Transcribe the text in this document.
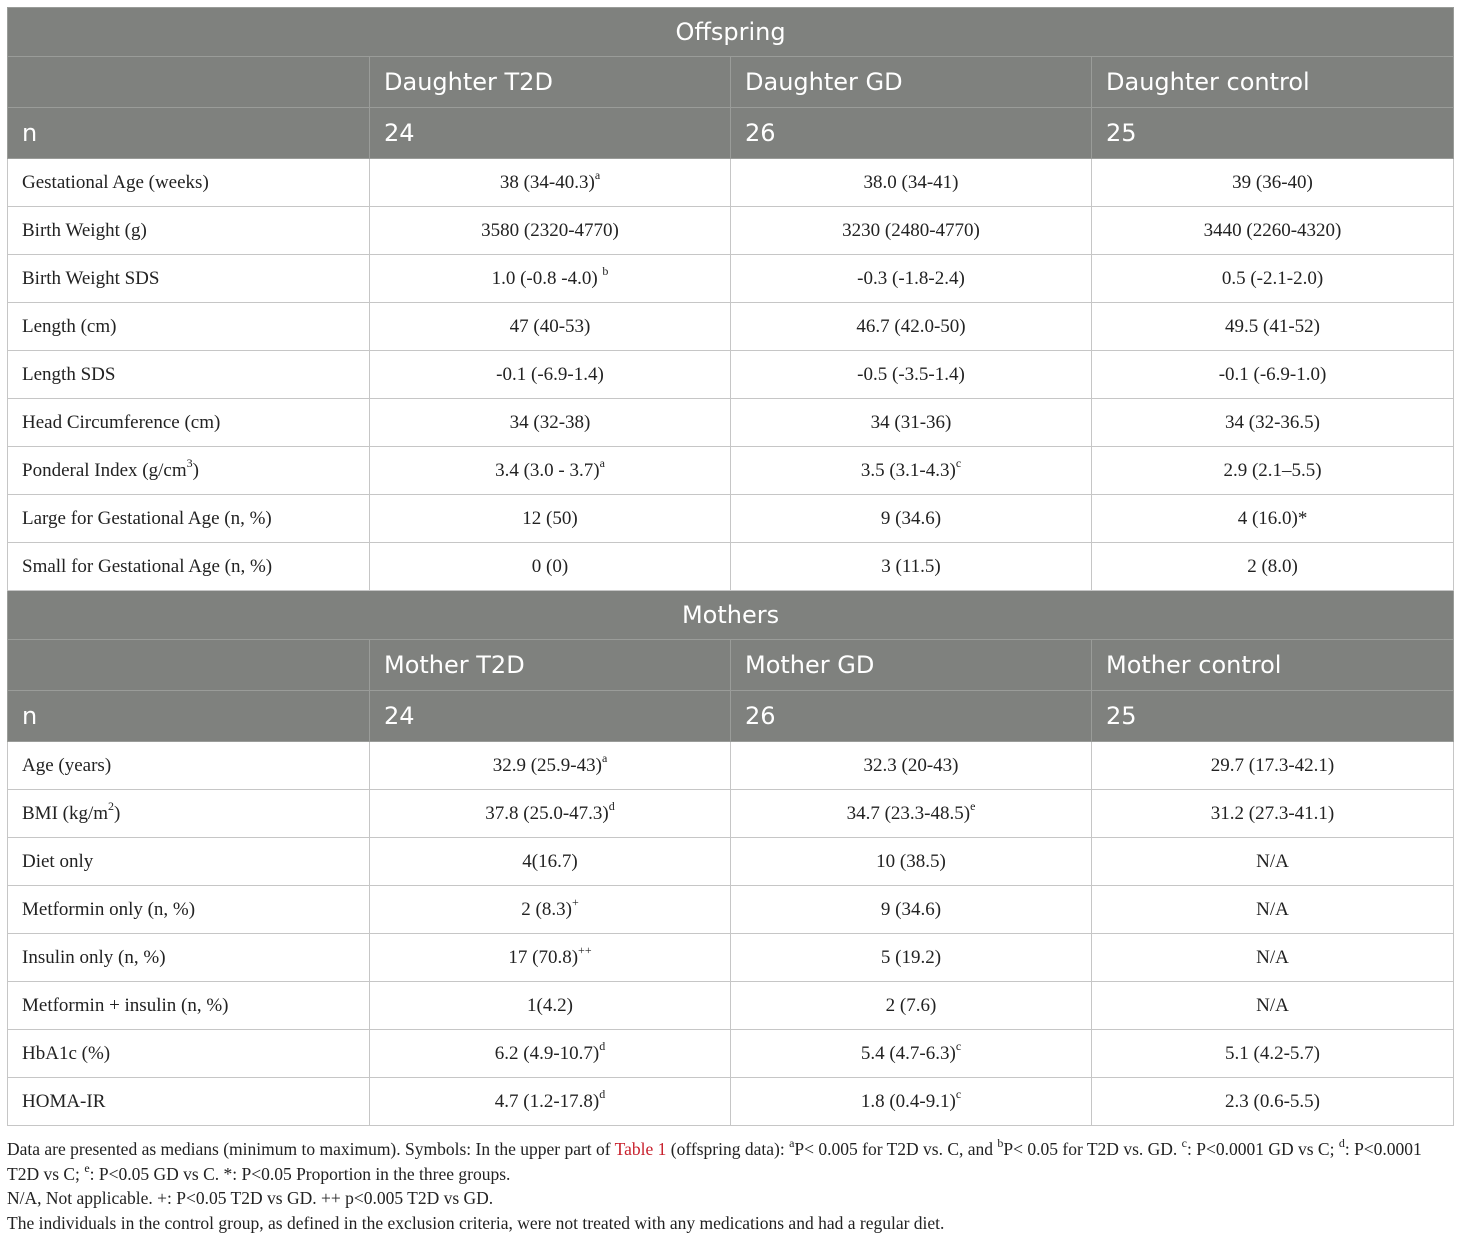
Offspring			
	Daughter T2D	Daughter GD	Daughter control
n	24	26	25
Gestational Age (weeks)	38 $(34-40.3)^a$	38.0 (34-41)	39 (36-40)
Birth Weight (g)	3580 (2320-4770)	3230 (2480-4770)	3440 (2260-4320)
Birth Weight SDS	1.0 (-0.8 -4.0) $^b$	-0.3 (-1.8-2.4)	0.5 (-2.1-2.0)
Length (cm)	47 (40-53)	46.7 (42.0-50)	49.5 (41-52)
Length SDS	-0.1 (-6.9-1.4)	-0.5 (-3.5-1.4)	-0.1 (-6.9-1.0)
Head Circumference (cm)	34 (32-38)	34 (31-36)	34 (32-36.5)
Ponderal Index $(g/cm^3)$	3.4 (3.0 - 3.7)$^a$	3.5 $(3.1-4.3)^c$	2.9 (2.1–5.5)
Large for Gestational Age (n, %)	12 (50)	9 (34.6)	4 (16.0)*
Small for Gestational Age (n, %)	0 (0)	3 (11.5)	2 (8.0)
Mothers			
	Mother T2D	Mother GD	Mother control
n	24	26	25
Age (years)	32.9 $(25.9-43)^a$	32.3 (20-43)	29.7 (17.3-42.1)
BMI $(kg/m^2)$	37.8 $(25.0-47.3)^d$	34.7 $(23.3-48.5)^e$	31.2 (27.3-41.1)
Diet only	4(16.7)	10 (38.5)	N/A
Metformin only (n, %)	2 (8.3)+	9 (34.6)	N/A
Insulin only (n, %)	17 (70.8)++	5 (19.2)	N/A
Metformin + insulin (n, %)	1(4.2)	2 (7.6)	N/A
HbA1c (%)	6.2 $(4.9-10.7)^d$	5.4 $(4.7-6.3)^c$	5.1 (4.2-5.7)
HOMA-IR	4.7 $(1.2-17.8)^d$	1.8 $(0.4-9.1)^c$	2.3 (0.6-5.5)

Data are presented as medians (minimum to maximum). Symbols: In the upper part of Table 1 (offspring data): $^a$P< 0.005 for T2D vs. C, and $^b$P< 0.05 for T2D vs. GD. $^c$: P<0.0001 GD vs C; $^d$: P<0.0001 T2D vs C; $^e$: P<0.05 GD vs C. *: P<0.05 Proportion in the three groups.

N/A, Not applicable. +: P<0.05 T2D vs GD. ++ p<0.005 T2D vs GD.

The individuals in the control group, as defined in the exclusion criteria, were not treated with any medications and had a regular diet.
